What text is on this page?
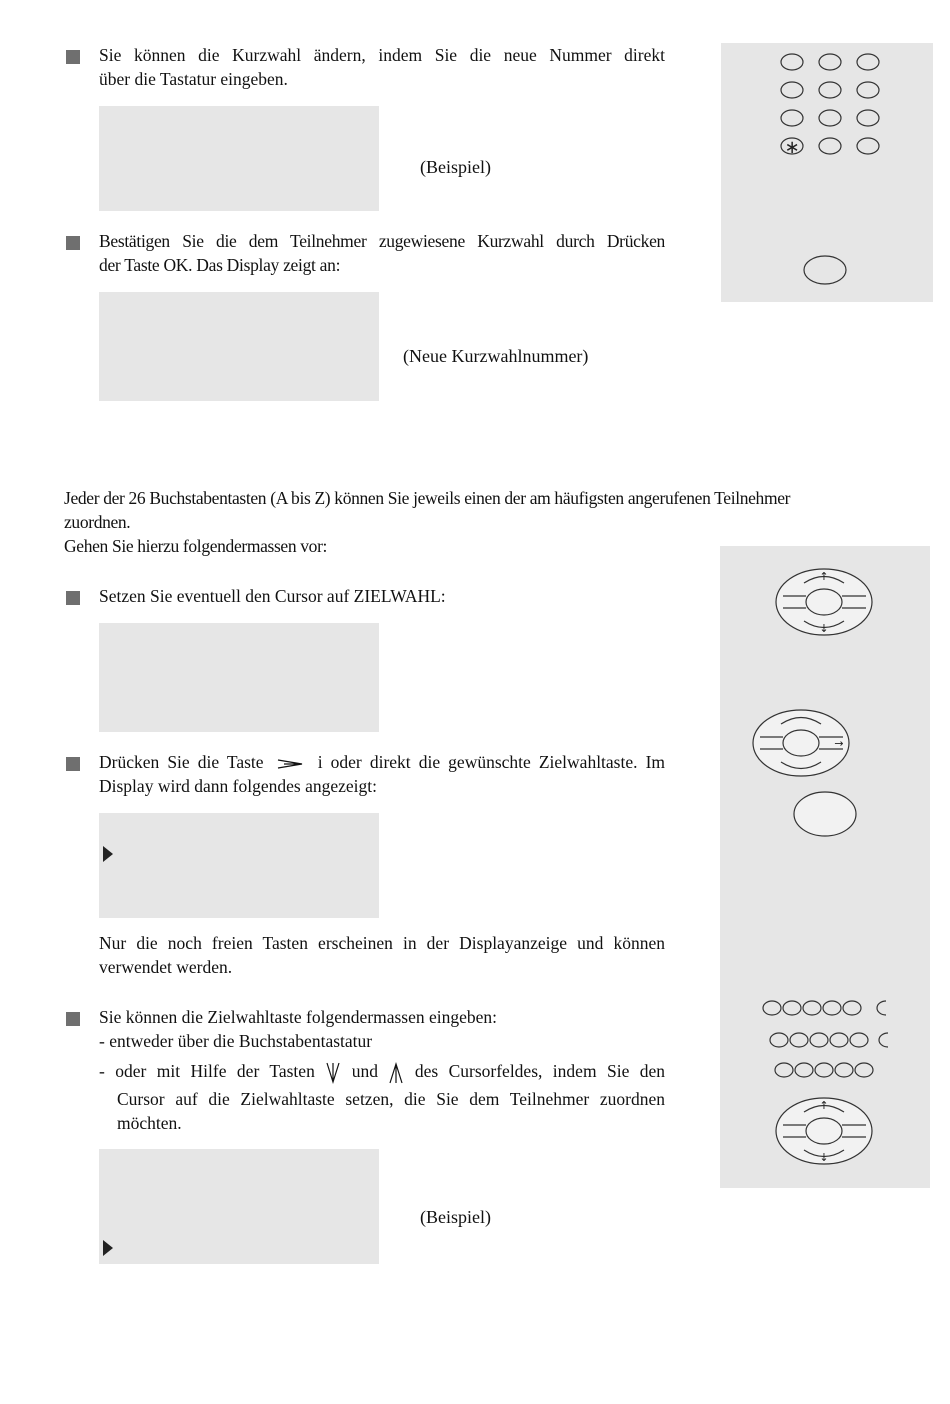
Sie können die Kurzwahl ändern, indem Sie die neue Nummer direkt
über die Tastatur eingeben.
(Beispiel)
Bestätigen Sie die dem Teilnehmer zugewiesene Kurzwahl durch Drücken
der Taste OK. Das Display zeigt an:
(Neue Kurzwahlnummer)
∗
Jeder der 26 Buchstabentasten (A bis Z) können Sie jeweils einen der am häufigsten angerufenen Teilnehmer
zuordnen.
Gehen Sie hierzu folgendermassen vor:
Setzen Sie eventuell den Cursor auf ZIELWAHL:
Drücken Sie die Taste	i oder direkt die gewünschte Zielwahltaste. Im
Display wird dann folgendes angezeigt:
Nur die noch freien Tasten erscheinen in der Displayanzeige und können
verwendet werden.
Sie können die Zielwahltaste folgendermassen eingeben:
- entweder über die Buchstabentastatur
- oder mit Hilfe der Tasten und des Cursorfeldes, indem Sie den
Cursor auf die Zielwahltaste setzen, die Sie dem Teilnehmer zuordnen
möchten.
(Beispiel)
↑
↓
→
↑
↓
